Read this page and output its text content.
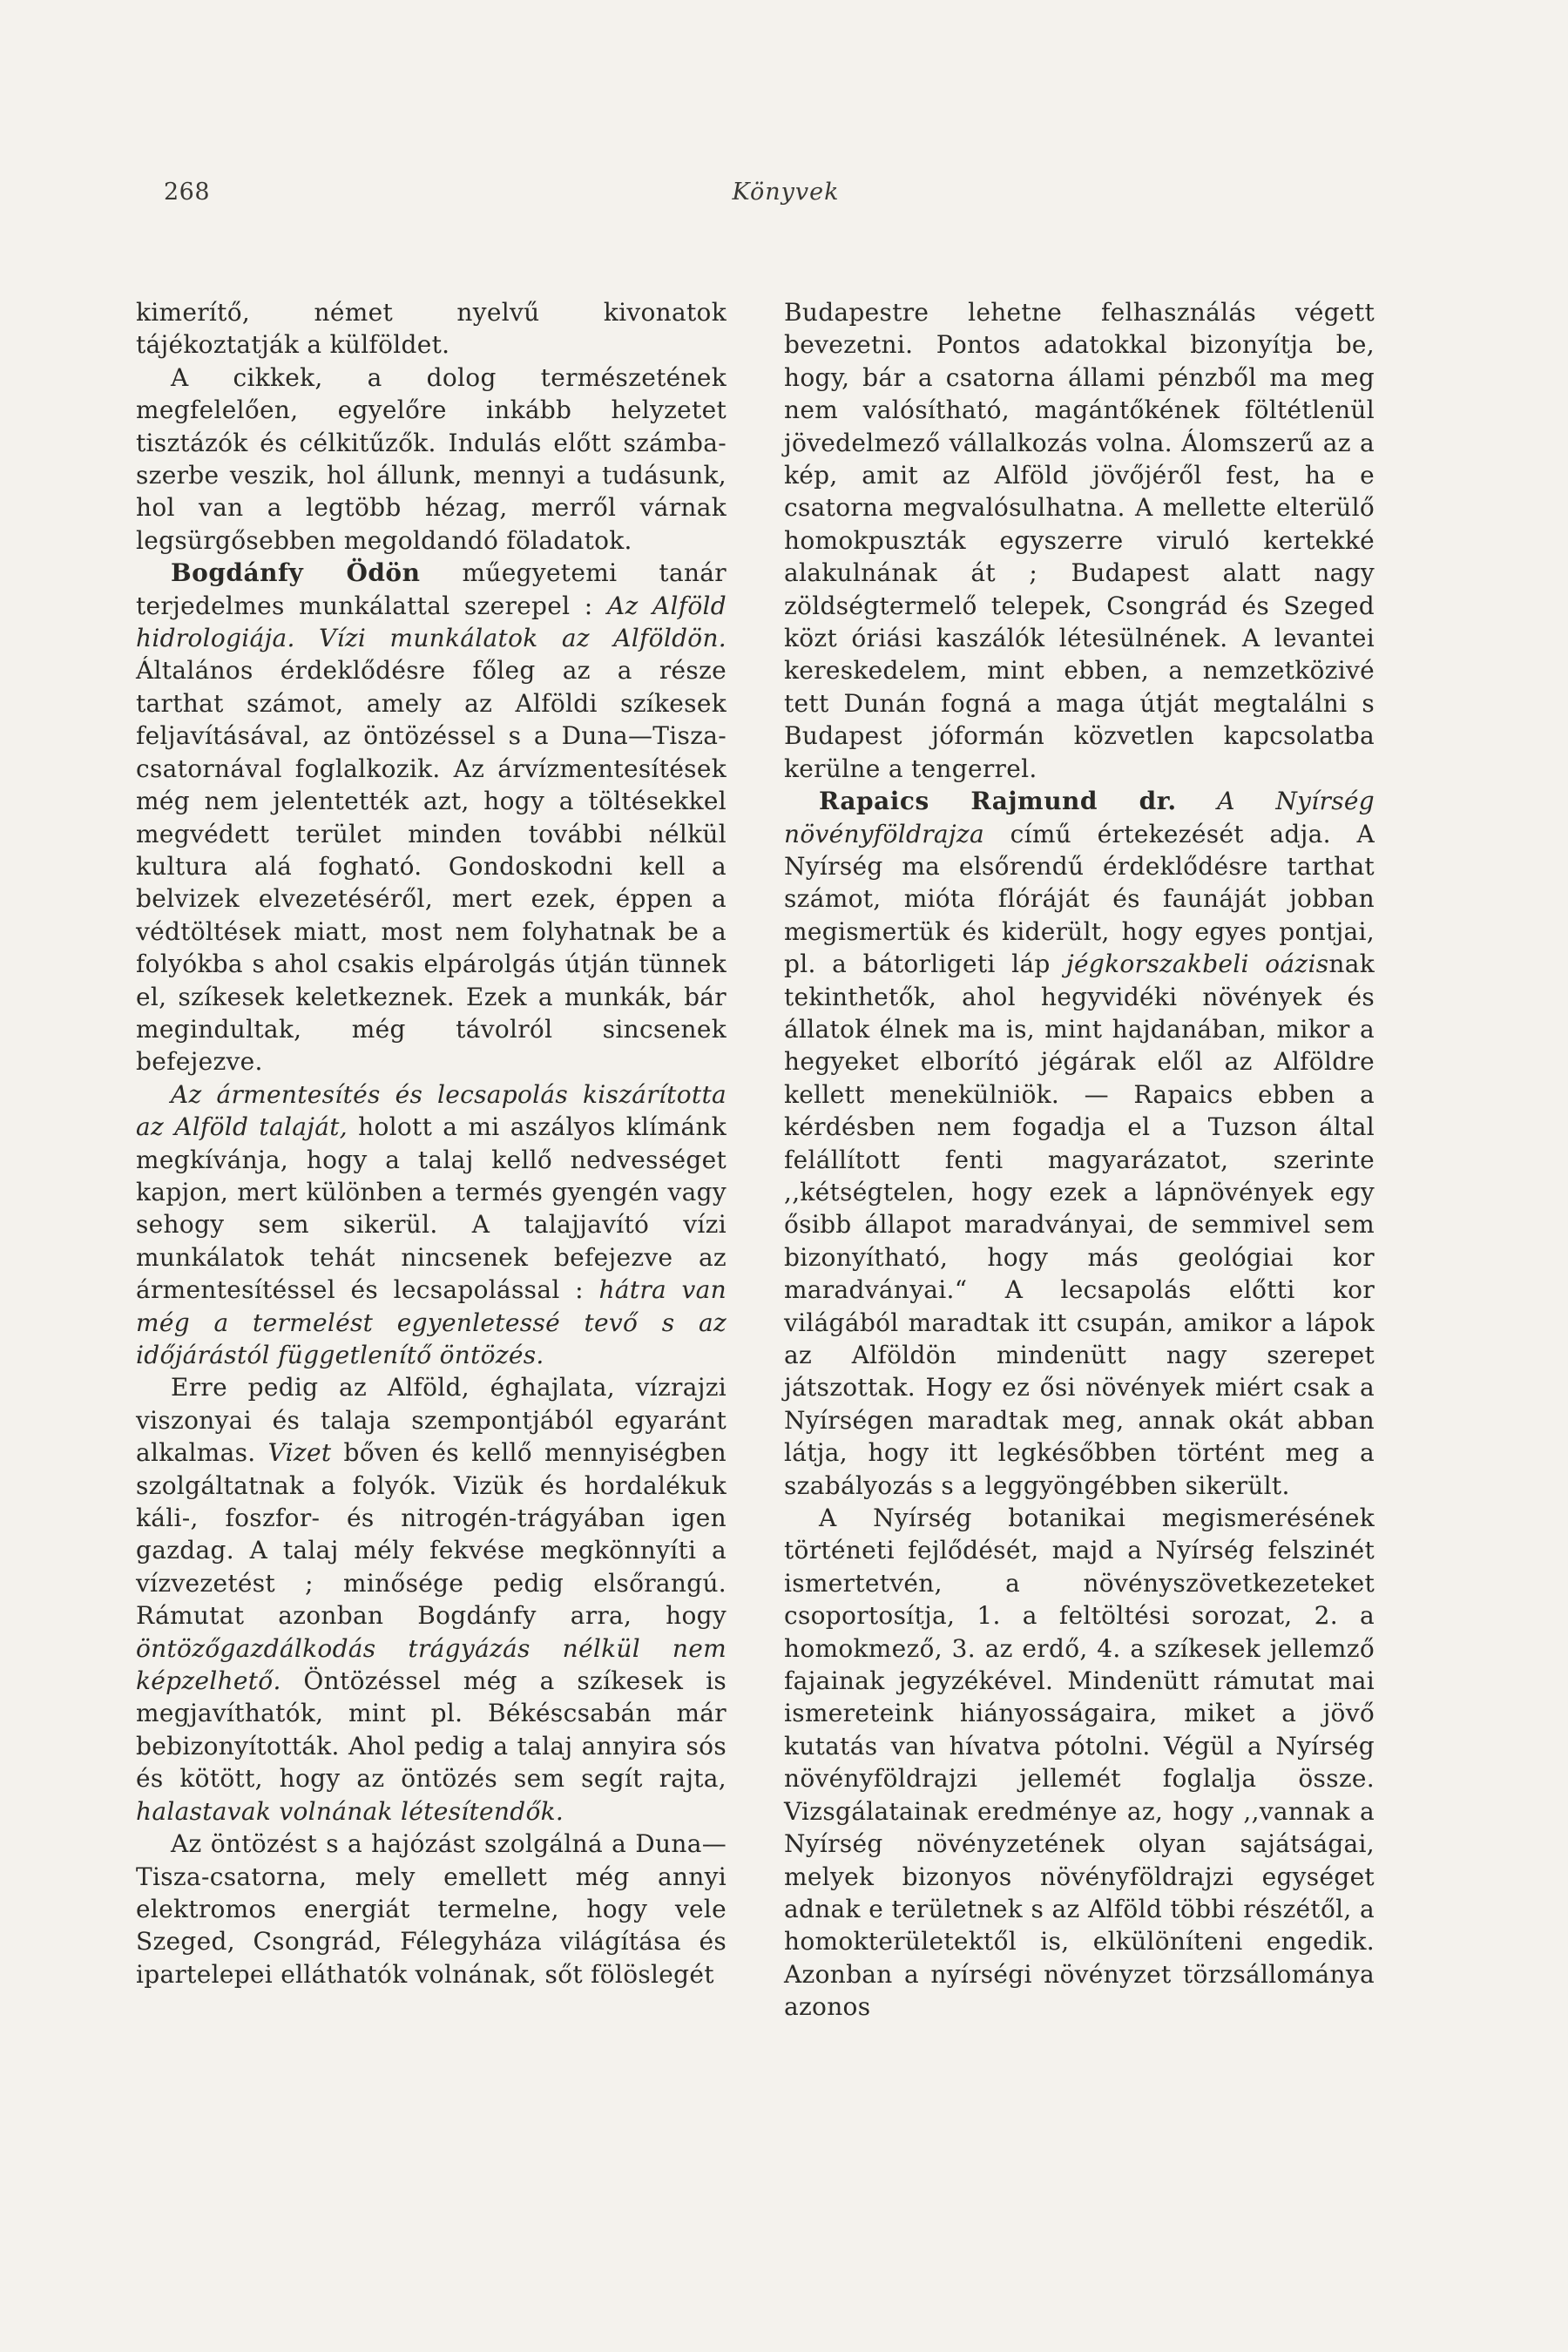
268	Könyvek

kimerítő, német nyelvű kivonatok tájékoztatják a külföldet.

A cikkek, a dolog természetének megfelelően, egyelőre inkább helyzetet tisztázók és célkitűzők. Indulás előtt számba-szerbe veszik, hol állunk, mennyi a tudásunk, hol van a legtöbb hézag, merről várnak legsürgősebben megoldandó föladatok.

Bogdánfy Ödön műegyetemi tanár terjedelmes munkálattal szerepel : Az Alföld hidrologiája. Vízi munkálatok az Alföldön. Általános érdeklődésre főleg az a része tarthat számot, amely az Alföldi szíkesek feljavításával, az öntözéssel s a Duna—Tisza-csatornával foglalkozik. Az árvízmentesítések még nem jelentették azt, hogy a töltésekkel megvédett terület minden további nélkül kultura alá fogható. Gondoskodni kell a belvizek elvezetéséről, mert ezek, éppen a védtöltések miatt, most nem folyhatnak be a folyókba s ahol csakis elpárolgás útján tünnek el, szíkesek keletkeznek. Ezek a munkák, bár megindultak, még távolról sincsenek befejezve.

Az ármentesítés és lecsapolás kiszárította az Alföld talaját, holott a mi aszályos klímánk megkívánja, hogy a talaj kellő nedvességet kapjon, mert különben a termés gyengén vagy sehogy sem sikerül. A talajjavító vízi munkálatok tehát nincsenek befejezve az ármentesítéssel és lecsapolással : hátra van még a termelést egyenletessé tevő s az időjárástól függetlenítő öntözés.

Erre pedig az Alföld, éghajlata, vízrajzi viszonyai és talaja szempontjából egyaránt alkalmas. Vizet bőven és kellő mennyiségben szolgáltatnak a folyók. Vizük és hordalékuk káli-, foszfor- és nitrogén-trágyában igen gazdag. A talaj mély fekvése megkönnyíti a vízvezetést ; minősége pedig elsőrangú. Rámutat azonban Bogdánfy arra, hogy öntözőgazdálkodás trágyázás nélkül nem képzelhető. Öntözéssel még a szíkesek is megjavíthatók, mint pl. Békéscsabán már bebizonyították. Ahol pedig a talaj annyira sós és kötött, hogy az öntözés sem segít rajta, halastavak volnának létesítendők.

Az öntözést s a hajózást szolgálná a Duna—Tisza-csatorna, mely emellett még annyi elektromos energiát termelne, hogy vele Szeged, Csongrád, Félegyháza világítása és ipartelepei elláthatók volnának, sőt fölöslegét

Budapestre lehetne felhasználás végett bevezetni. Pontos adatokkal bizonyítja be, hogy, bár a csatorna állami pénzből ma meg nem valósítható, magántőkének föltétlenül jövedelmező vállalkozás volna. Álomszerű az a kép, amit az Alföld jövőjéről fest, ha e csatorna megvalósulhatna. A mellette elterülő homokpuszták egyszerre viruló kertekké alakulnának át ; Budapest alatt nagy zöldségtermelő telepek, Csongrád és Szeged közt óriási kaszálók létesülnének. A levantei kereskedelem, mint ebben, a nemzetközivé tett Dunán fogná a maga útját megtalálni s Budapest jóformán közvetlen kapcsolatba kerülne a tengerrel.

Rapaics Rajmund dr. A Nyírség növényföldrajza című értekezését adja. A Nyírség ma elsőrendű érdeklődésre tarthat számot, mióta flóráját és faunáját jobban megismertük és kiderült, hogy egyes pontjai, pl. a bátorligeti láp jégkorszakbeli oázisnak tekinthetők, ahol hegyvidéki növények és állatok élnek ma is, mint hajdanában, mikor a hegyeket elborító jégárak elől az Alföldre kellett menekülniök. — Rapaics ebben a kérdésben nem fogadja el a Tuzson által felállított fenti magyarázatot, szerinte ,,kétségtelen, hogy ezek a lápnövények egy ősibb állapot maradványai, de semmivel sem bizonyítható, hogy más geológiai kor maradványai.“ A lecsapolás előtti kor világából maradtak itt csupán, amikor a lápok az Alföldön mindenütt nagy szerepet játszottak. Hogy ez ősi növények miért csak a Nyírségen maradtak meg, annak okát abban látja, hogy itt legkésőbben történt meg a szabályozás s a leggyöngébben sikerült.

A Nyírség botanikai megismerésének történeti fejlődését, majd a Nyírség felszinét ismertetvén, a növényszövetkezeteket csoportosítja, 1. a feltöltési sorozat, 2. a homokmező, 3. az erdő, 4. a szíkesek jellemző fajainak jegyzékével. Mindenütt rámutat mai ismereteink hiányosságaira, miket a jövő kutatás van hívatva pótolni. Végül a Nyírség növényföldrajzi jellemét foglalja össze. Vizsgálatainak eredménye az, hogy ,,vannak a Nyírség növényzetének olyan sajátságai, melyek bizonyos növényföldrajzi egységet adnak e területnek s az Alföld többi részétől, a homokterületektől is, elkülöníteni engedik. Azonban a nyírségi növényzet törzsállománya azonos
